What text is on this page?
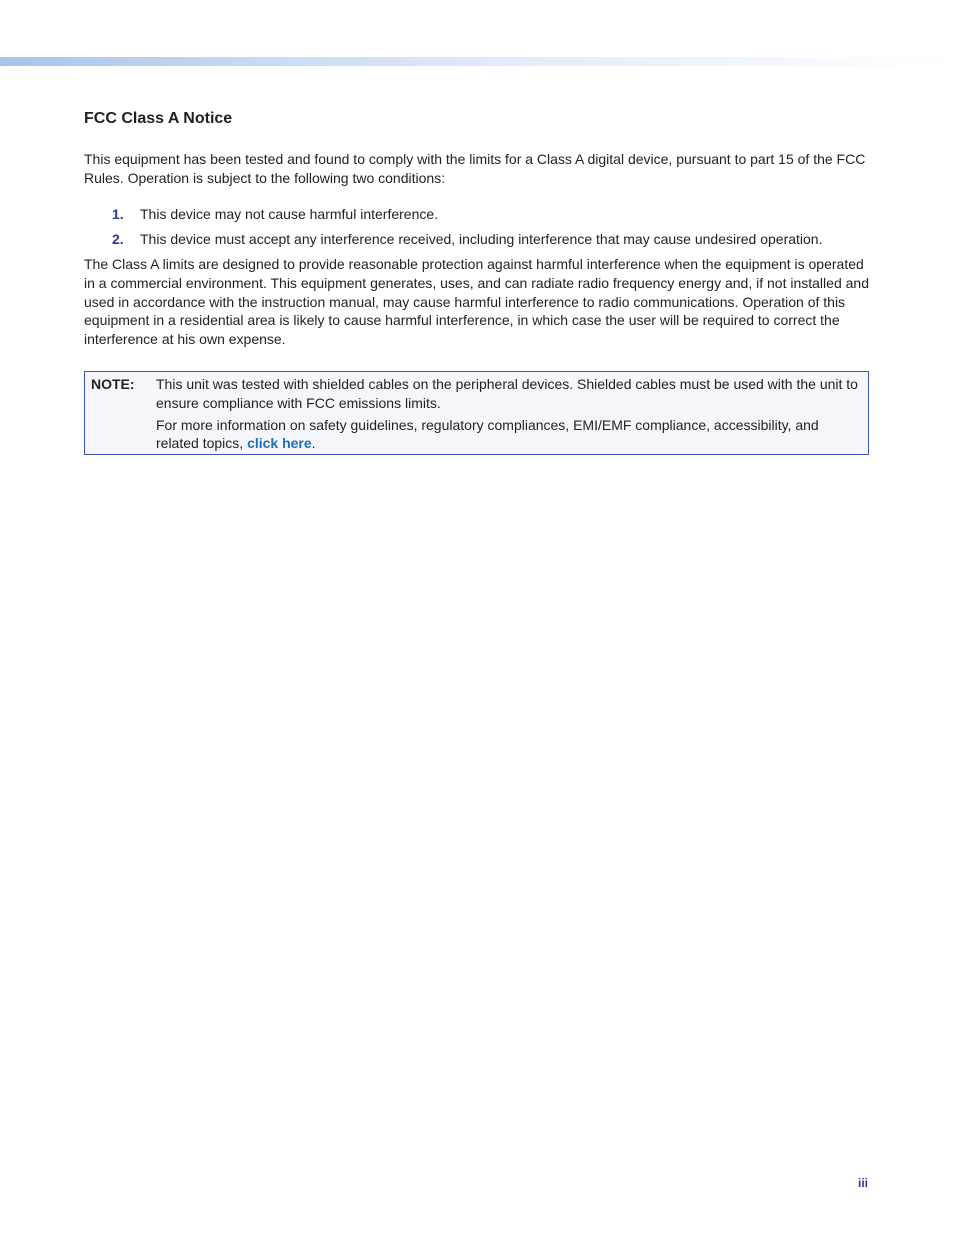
FCC Class A Notice

This equipment has been tested and found to comply with the limits for a Class A digital device, pursuant to part 15 of the FCC Rules. Operation is subject to the following two conditions:

1.	This device may not cause harmful interference.
2.	This device must accept any interference received, including interference that may cause undesired operation.

The Class A limits are designed to provide reasonable protection against harmful interference when the equipment is operated in a commercial environment. This equipment generates, uses, and can radiate radio frequency energy and, if not installed and used in accordance with the instruction manual, may cause harmful interference to radio communications. Operation of this equipment in a residential area is likely to cause harmful interference, in which case the user will be required to correct the interference at his own expense.

NOTE:	This unit was tested with shielded cables on the peripheral devices. Shielded cables must be used with the unit to ensure compliance with FCC emissions limits.

For more information on safety guidelines, regulatory compliances, EMI/EMF compliance, accessibility, and related topics, click here.

iii
